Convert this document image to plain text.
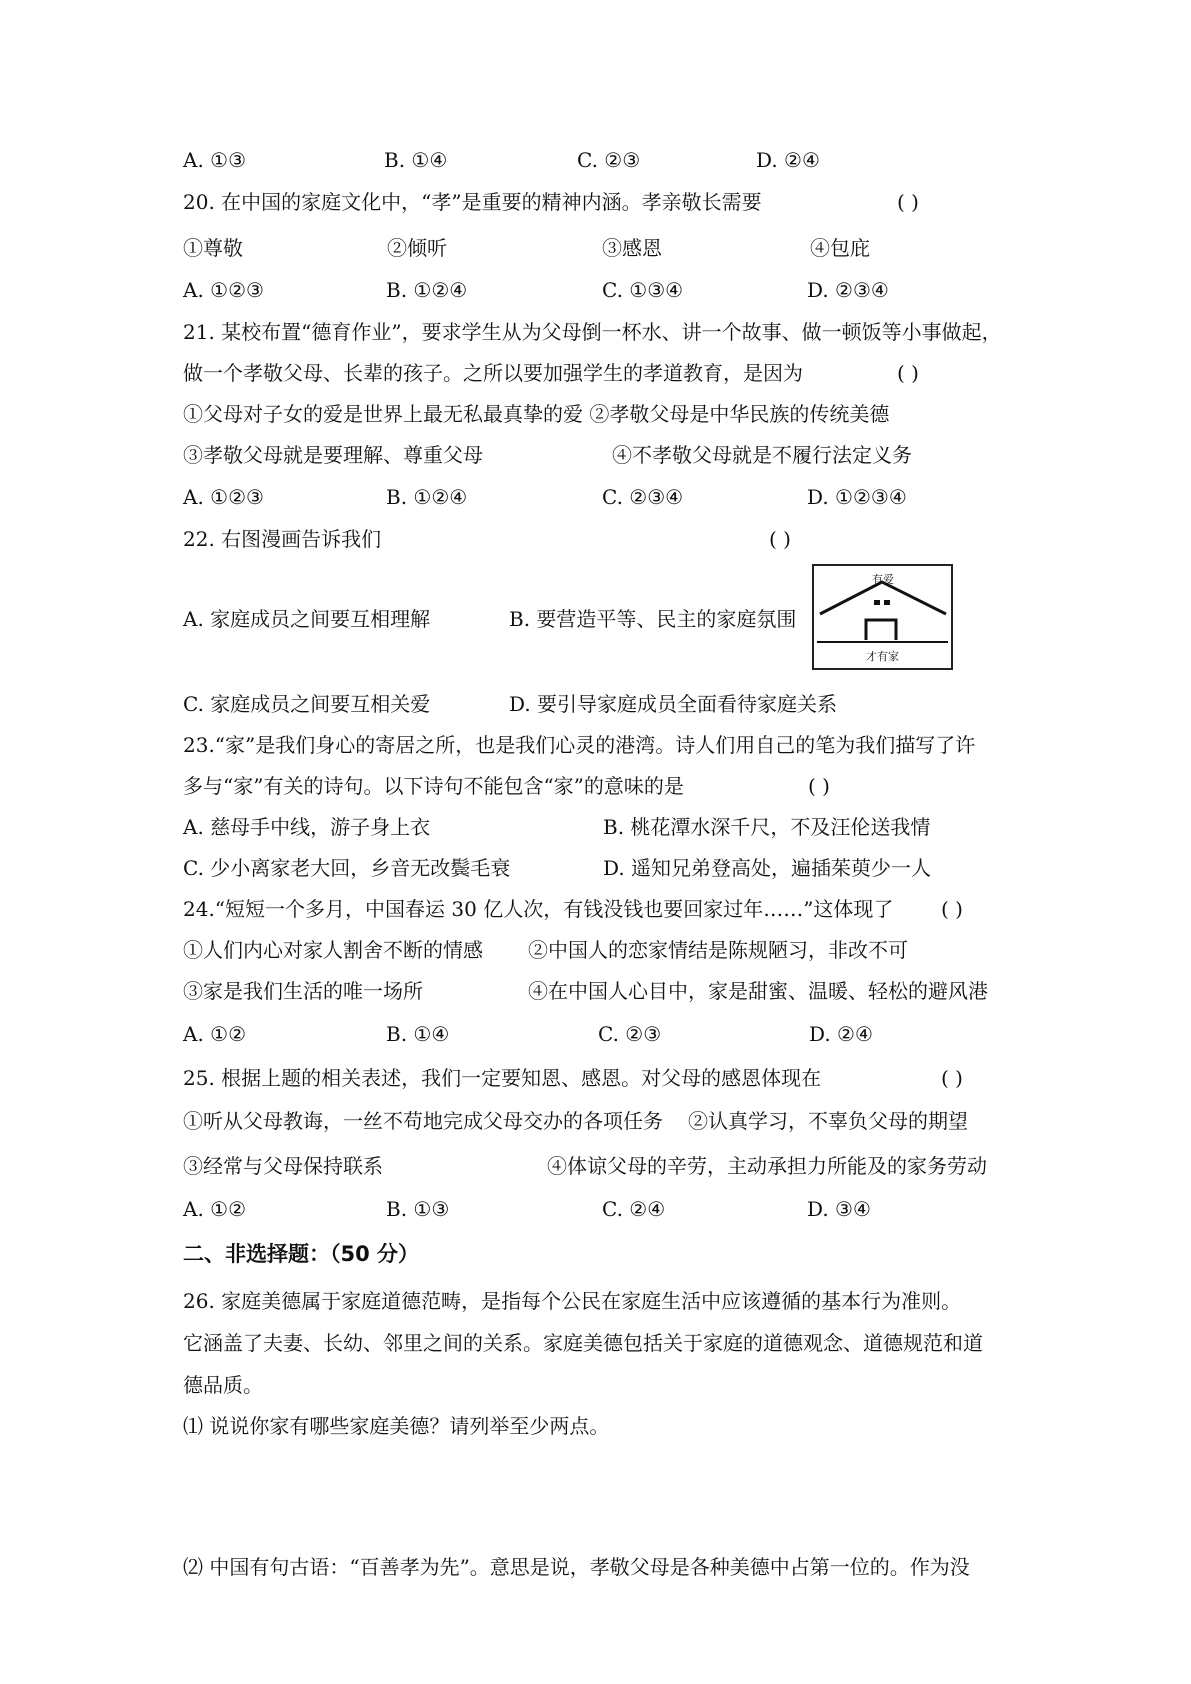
A. ①③	B. ①④	C. ②③	D. ②④
20. 在中国的家庭文化中，“孝”是重要的精神内涵。孝亲敬长需要	( )
①尊敬	②倾听	③感恩	④包庇
A. ①②③	B. ①②④	C. ①③④	D. ②③④
21. 某校布置“德育作业”，要求学生从为父母倒一杯水、讲一个故事、做一顿饭等小事做起，
做一个孝敬父母、长辈的孩子。之所以要加强学生的孝道教育，是因为	( )
①父母对子女的爱是世界上最无私最真挚的爱 ②孝敬父母是中华民族的传统美德
③孝敬父母就是要理解、尊重父母	④不孝敬父母就是不履行法定义务
A. ①②③	B. ①②④	C. ②③④	D. ①②③④
22. 右图漫画告诉我们	( )
A. 家庭成员之间要互相理解	B. 要营造平等、民主的家庭氛围
有爱
才有家
C. 家庭成员之间要互相关爱	D. 要引导家庭成员全面看待家庭关系
23.“家”是我们身心的寄居之所，也是我们心灵的港湾。诗人们用自己的笔为我们描写了许
多与“家”有关的诗句。以下诗句不能包含“家”的意味的是	( )
A. 慈母手中线，游子身上衣	B. 桃花潭水深千尺，不及汪伦送我情
C. 少小离家老大回，乡音无改鬓毛衰	D. 遥知兄弟登高处，遍插茱萸少一人
24.“短短一个多月，中国春运 30 亿人次，有钱没钱也要回家过年……”这体现了 ( )
①人们内心对家人割舍不断的情感 ②中国人的恋家情结是陈规陋习，非改不可
③家是我们生活的唯一场所	④在中国人心目中，家是甜蜜、温暖、轻松的避风港
A. ①②	B. ①④	C. ②③	D. ②④
25. 根据上题的相关表述，我们一定要知恩、感恩。对父母的感恩体现在	( )
①听从父母教诲，一丝不苟地完成父母交办的各项任务 ②认真学习，不辜负父母的期望
③经常与父母保持联系	④体谅父母的辛劳，主动承担力所能及的家务劳动
A. ①②	B. ①③	C. ②④	D. ③④
二、非选择题：（50 分）
26. 家庭美德属于家庭道德范畴，是指每个公民在家庭生活中应该遵循的基本行为准则。
它涵盖了夫妻、长幼、邻里之间的关系。家庭美德包括关于家庭的道德观念、道德规范和道
德品质。
⑴ 说说你家有哪些家庭美德？请列举至少两点。
⑵ 中国有句古语：“百善孝为先”。意思是说，孝敬父母是各种美德中占第一位的。作为没
